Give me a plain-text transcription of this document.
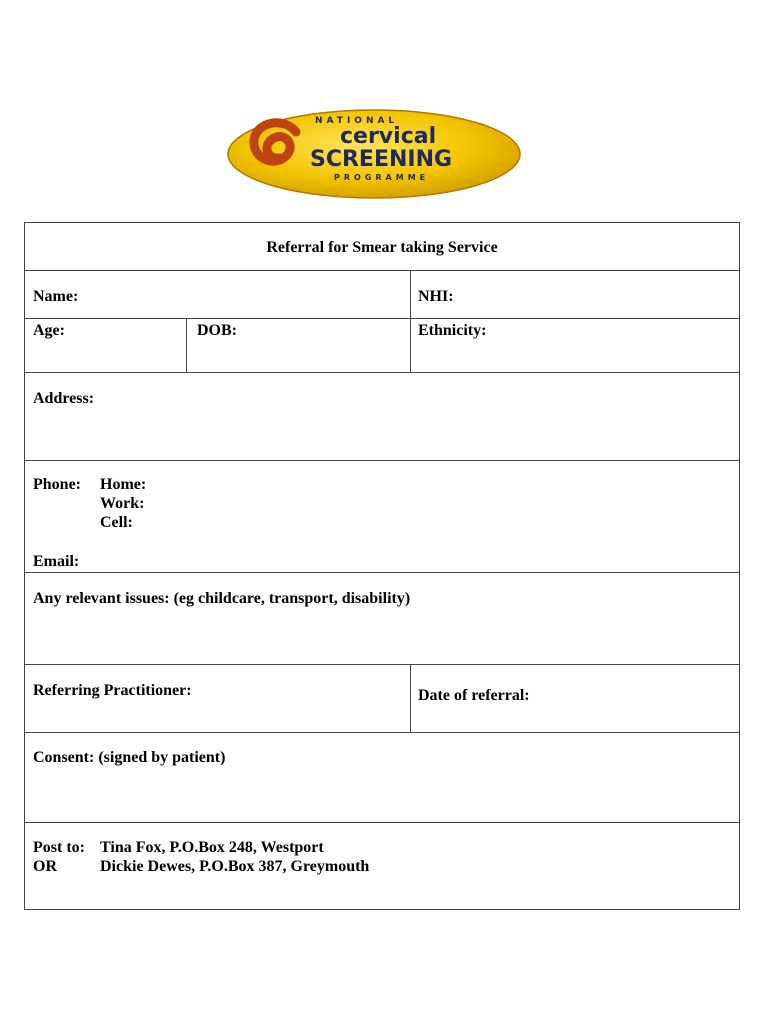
NATIONAL
cervical
SCREENING
PROGRAMME
Referral for Smear taking Service
Name:	NHI:
Age:	DOB:	Ethnicity:
Address:
Phone: Home:
Work:
Cell:
Email:
Any relevant issues: (eg childcare, transport, disability)
Referring Practitioner:	Date of referral:
Consent: (signed by patient)
Post to: Tina Fox, P.O.Box 248, Westport
OR	Dickie Dewes, P.O.Box 387, Greymouth
